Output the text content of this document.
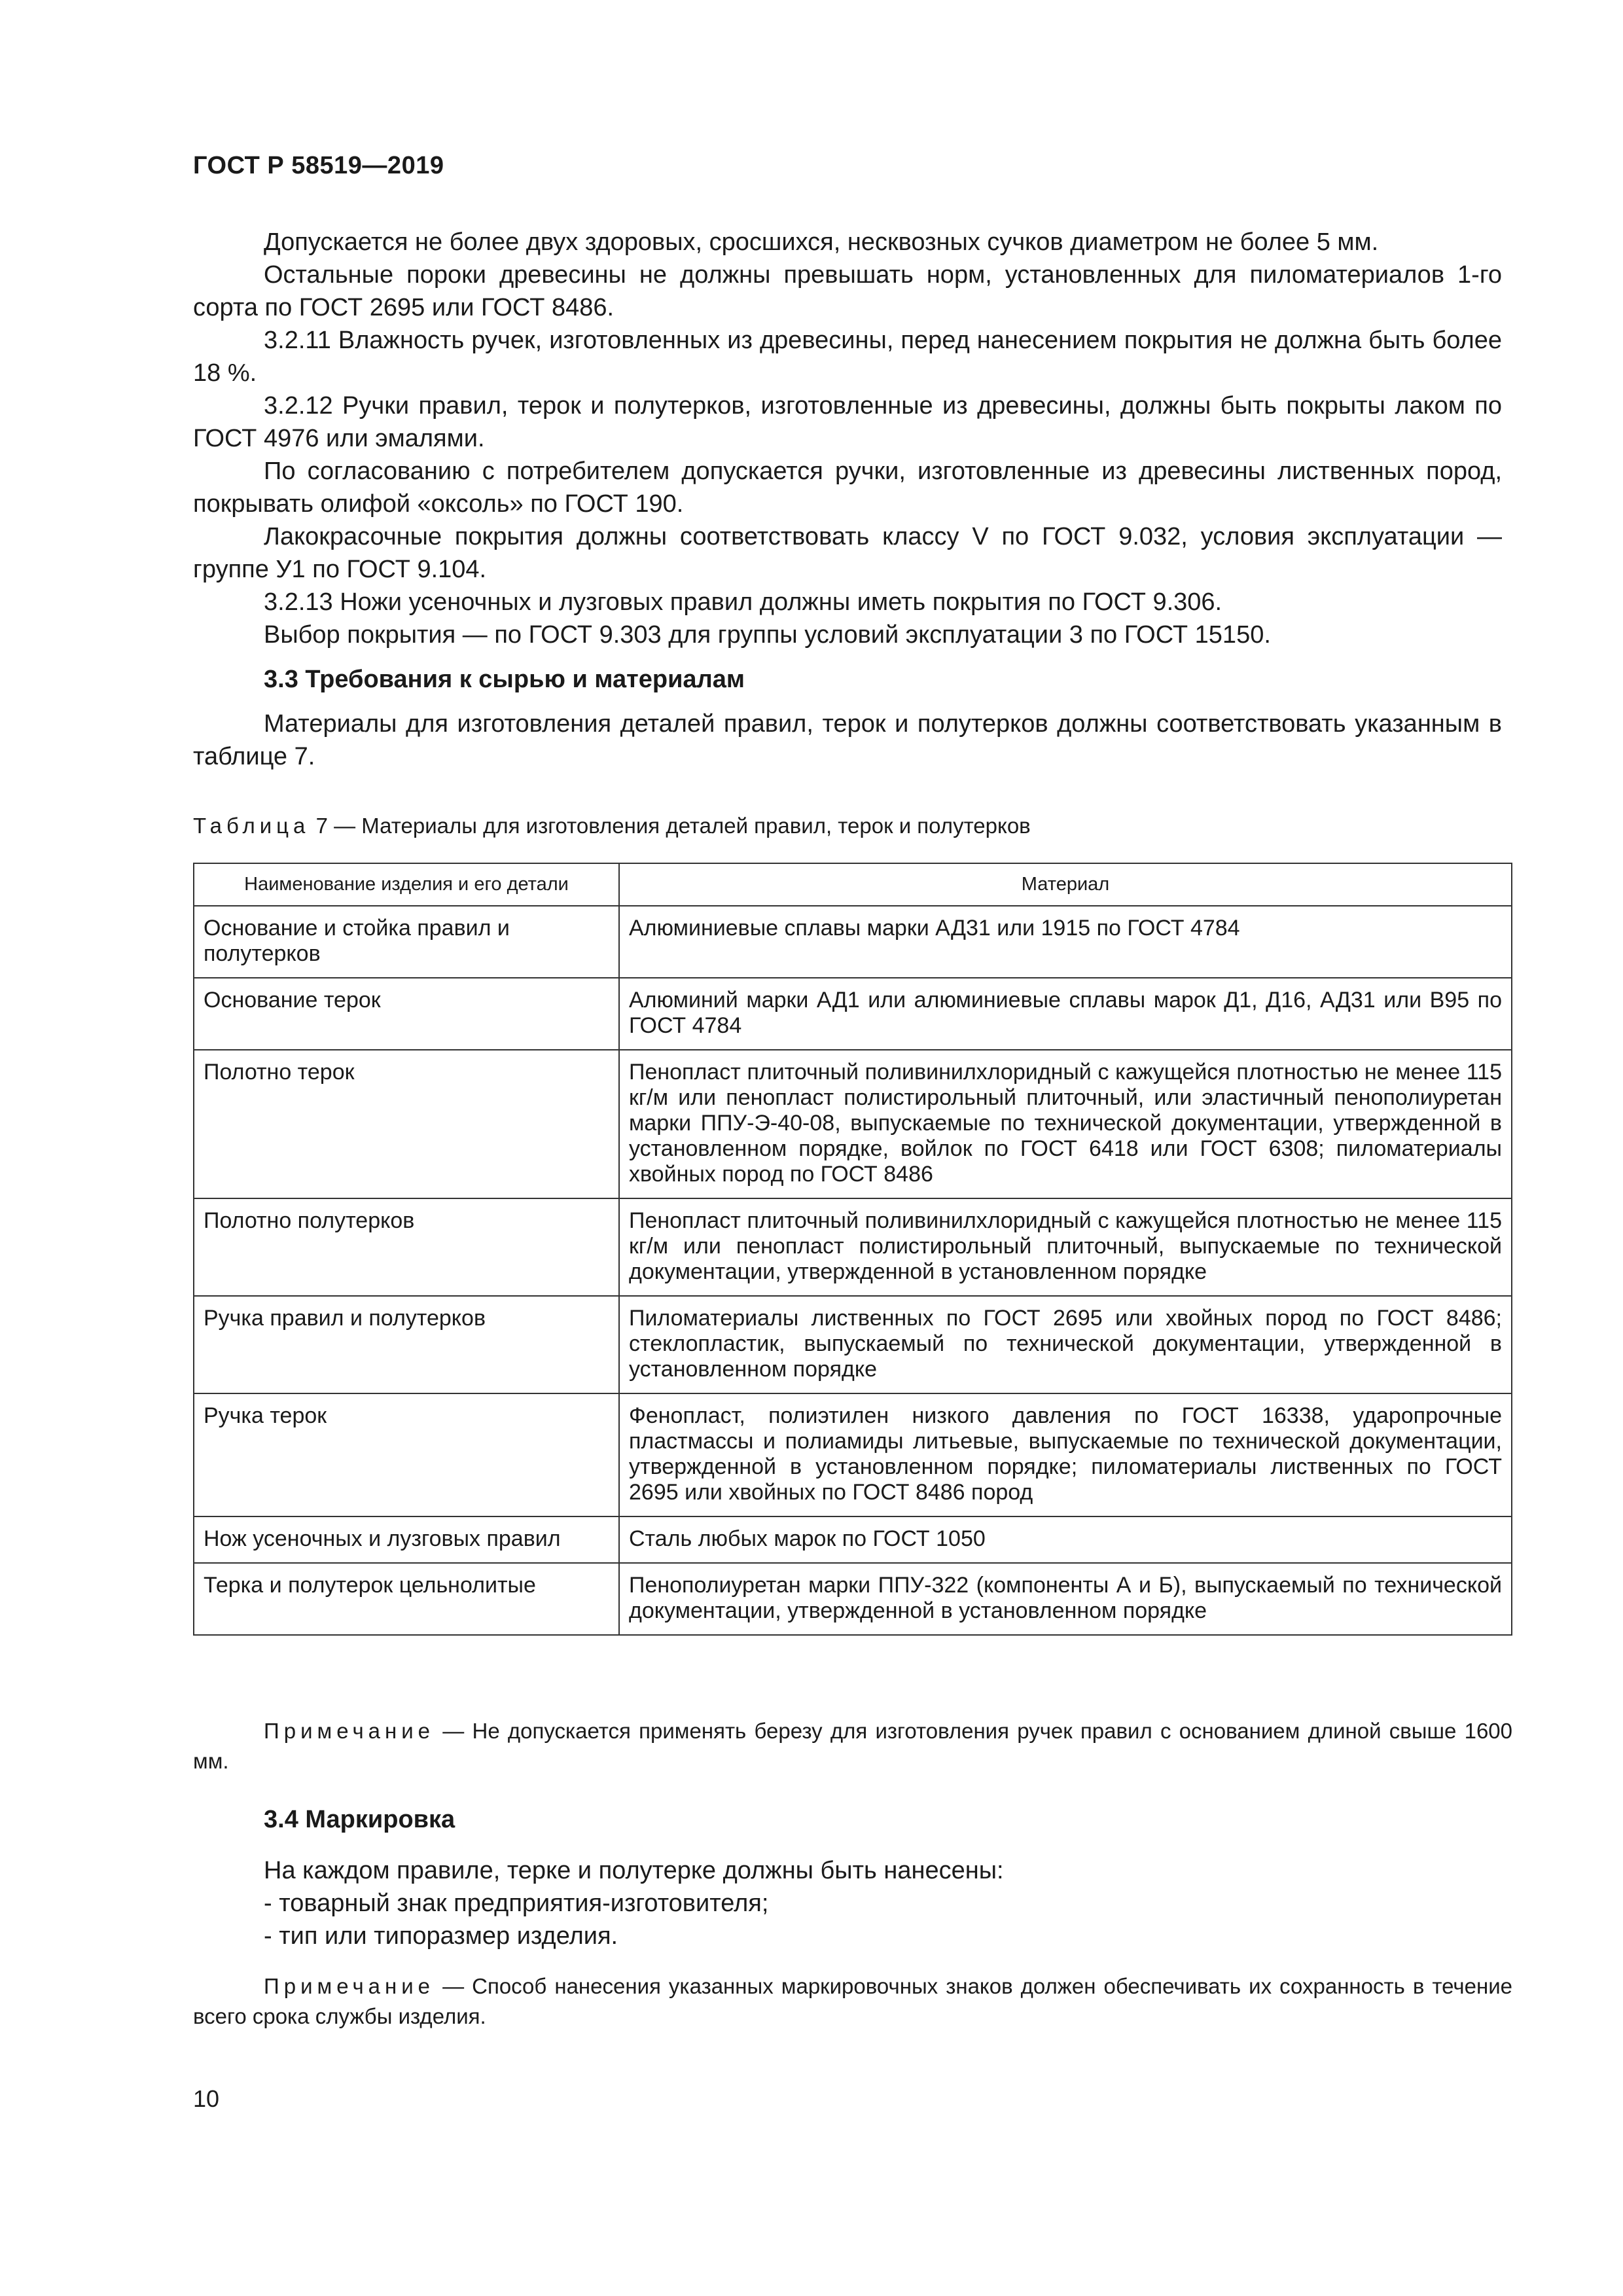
ГОСТ Р 58519—2019

Допускается не более двух здоровых, сросшихся, несквозных сучков диаметром не более 5 мм.

Остальные пороки древесины не должны превышать норм, установленных для пиломатериалов 1-го сорта по ГОСТ 2695 или ГОСТ 8486.

3.2.11 Влажность ручек, изготовленных из древесины, перед нанесением покрытия не должна быть более 18 %.

3.2.12 Ручки правил, терок и полутерков, изготовленные из древесины, должны быть покрыты лаком по ГОСТ 4976 или эмалями.

По согласованию с потребителем допускается ручки, изготовленные из древесины лиственных пород, покрывать олифой «оксоль» по ГОСТ 190.

Лакокрасочные покрытия должны соответствовать классу V по ГОСТ 9.032, условия эксплуатации — группе У1 по ГОСТ 9.104.

3.2.13 Ножи усеночных и лузговых правил должны иметь покрытия по ГОСТ 9.306.

Выбор покрытия — по ГОСТ 9.303 для группы условий эксплуатации 3 по ГОСТ 15150.

3.3 Требования к сырью и материалам

Материалы для изготовления деталей правил, терок и полутерков должны соответствовать указанным в таблице 7.

Таблица 7 — Материалы для изготовления деталей правил, терок и полутерков
Наименование изделия и его детали	Материал
Основание и стойка правил и полутерков	Алюминиевые сплавы марки АД31 или 1915 по ГОСТ 4784
Основание терок	Алюминий марки АД1 или алюминиевые сплавы марок Д1, Д16, АД31 или В95 по ГОСТ 4784
Полотно терок	Пенопласт плиточный поливинилхлоридный с кажущейся плотностью не менее 115 кг/м или пенопласт полистирольный плиточный, или эластичный пенополиуретан марки ППУ-Э-40-08, выпускаемые по технической документации, утвержденной в установленном порядке, войлок по ГОСТ 6418 или ГОСТ 6308; пиломатериалы хвойных пород по ГОСТ 8486
Полотно полутерков	Пенопласт плиточный поливинилхлоридный с кажущейся плотностью не менее 115 кг/м или пенопласт полистирольный плиточный, выпускаемые по технической документации, утвержденной в установленном порядке
Ручка правил и полутерков	Пиломатериалы лиственных по ГОСТ 2695 или хвойных пород по ГОСТ 8486; стеклопластик, выпускаемый по технической документации, утвержденной в установленном порядке
Ручка терок	Фенопласт, полиэтилен низкого давления по ГОСТ 16338, ударопрочные пластмассы и полиамиды литьевые, выпускаемые по технической документации, утвержденной в установленном порядке; пиломатериалы лиственных по ГОСТ 2695 или хвойных по ГОСТ 8486 пород
Нож усеночных и лузговых правил	Сталь любых марок по ГОСТ 1050
Терка и полутерок цельнолитые	Пенополиуретан марки ППУ-322 (компоненты А и Б), выпускаемый по технической документации, утвержденной в установленном порядке
Примечание — Не допускается применять березу для изготовления ручек правил с основанием длиной свыше 1600 мм.
3.4 Маркировка
На каждом правиле, терке и полутерке должны быть нанесены:
- товарный знак предприятия-изготовителя;
- тип или типоразмер изделия.
Примечание — Способ нанесения указанных маркировочных знаков должен обеспечивать их сохранность в течение всего срока службы изделия.
10
